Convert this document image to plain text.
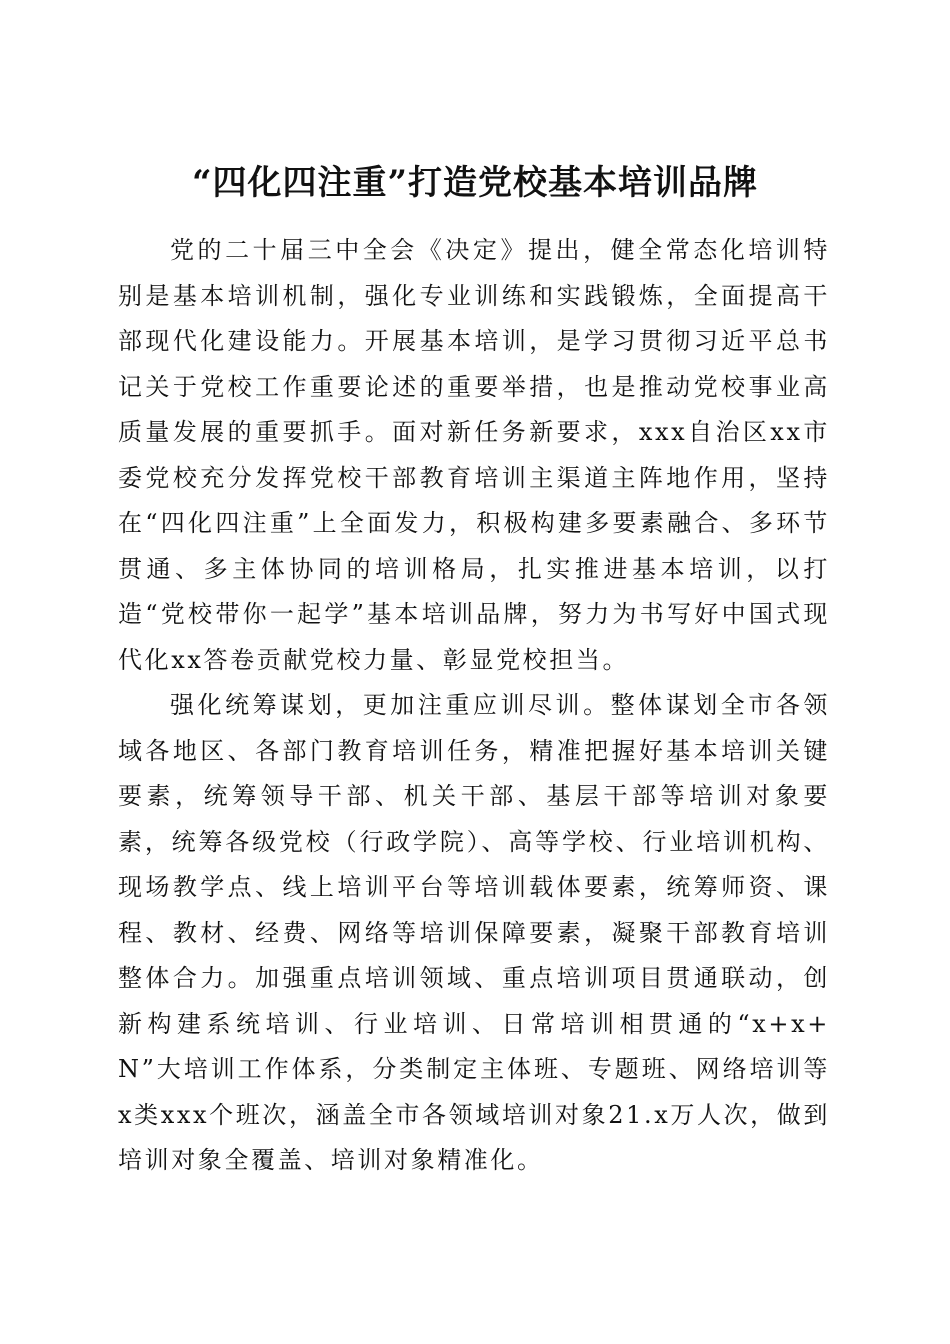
“四化四注重”打造党校基本培训品牌

党的二十届三中全会《决定》提出，健全常态化培训特别是基本培训机制，强化专业训练和实践锻炼，全面提高干部现代化建设能力。开展基本培训，是学习贯彻习近平总书记关于党校工作重要论述的重要举措，也是推动党校事业高质量发展的重要抓手。面对新任务新要求，xxx自治区xx市委党校充分发挥党校干部教育培训主渠道主阵地作用，坚持在“四化四注重”上全面发力，积极构建多要素融合、多环节贯通、多主体协同的培训格局，扎实推进基本培训，以打造“党校带你一起学”基本培训品牌，努力为书写好中国式现代化xx答卷贡献党校力量、彰显党校担当。

强化统筹谋划，更加注重应训尽训。整体谋划全市各领域各地区、各部门教育培训任务，精准把握好基本培训关键要素，统筹领导干部、机关干部、基层干部等培训对象要素，统筹各级党校（行政学院）、高等学校、行业培训机构、现场教学点、线上培训平台等培训载体要素，统筹师资、课程、教材、经费、网络等培训保障要素，凝聚干部教育培训整体合力。加强重点培训领域、重点培训项目贯通联动，创新构建系统培训、行业培训、日常培训相贯通的“x+x+N”大培训工作体系，分类制定主体班、专题班、网络培训等x类xxx个班次，涵盖全市各领域培训对象21.x万人次，做到培训对象全覆盖、培训对象精准化。
